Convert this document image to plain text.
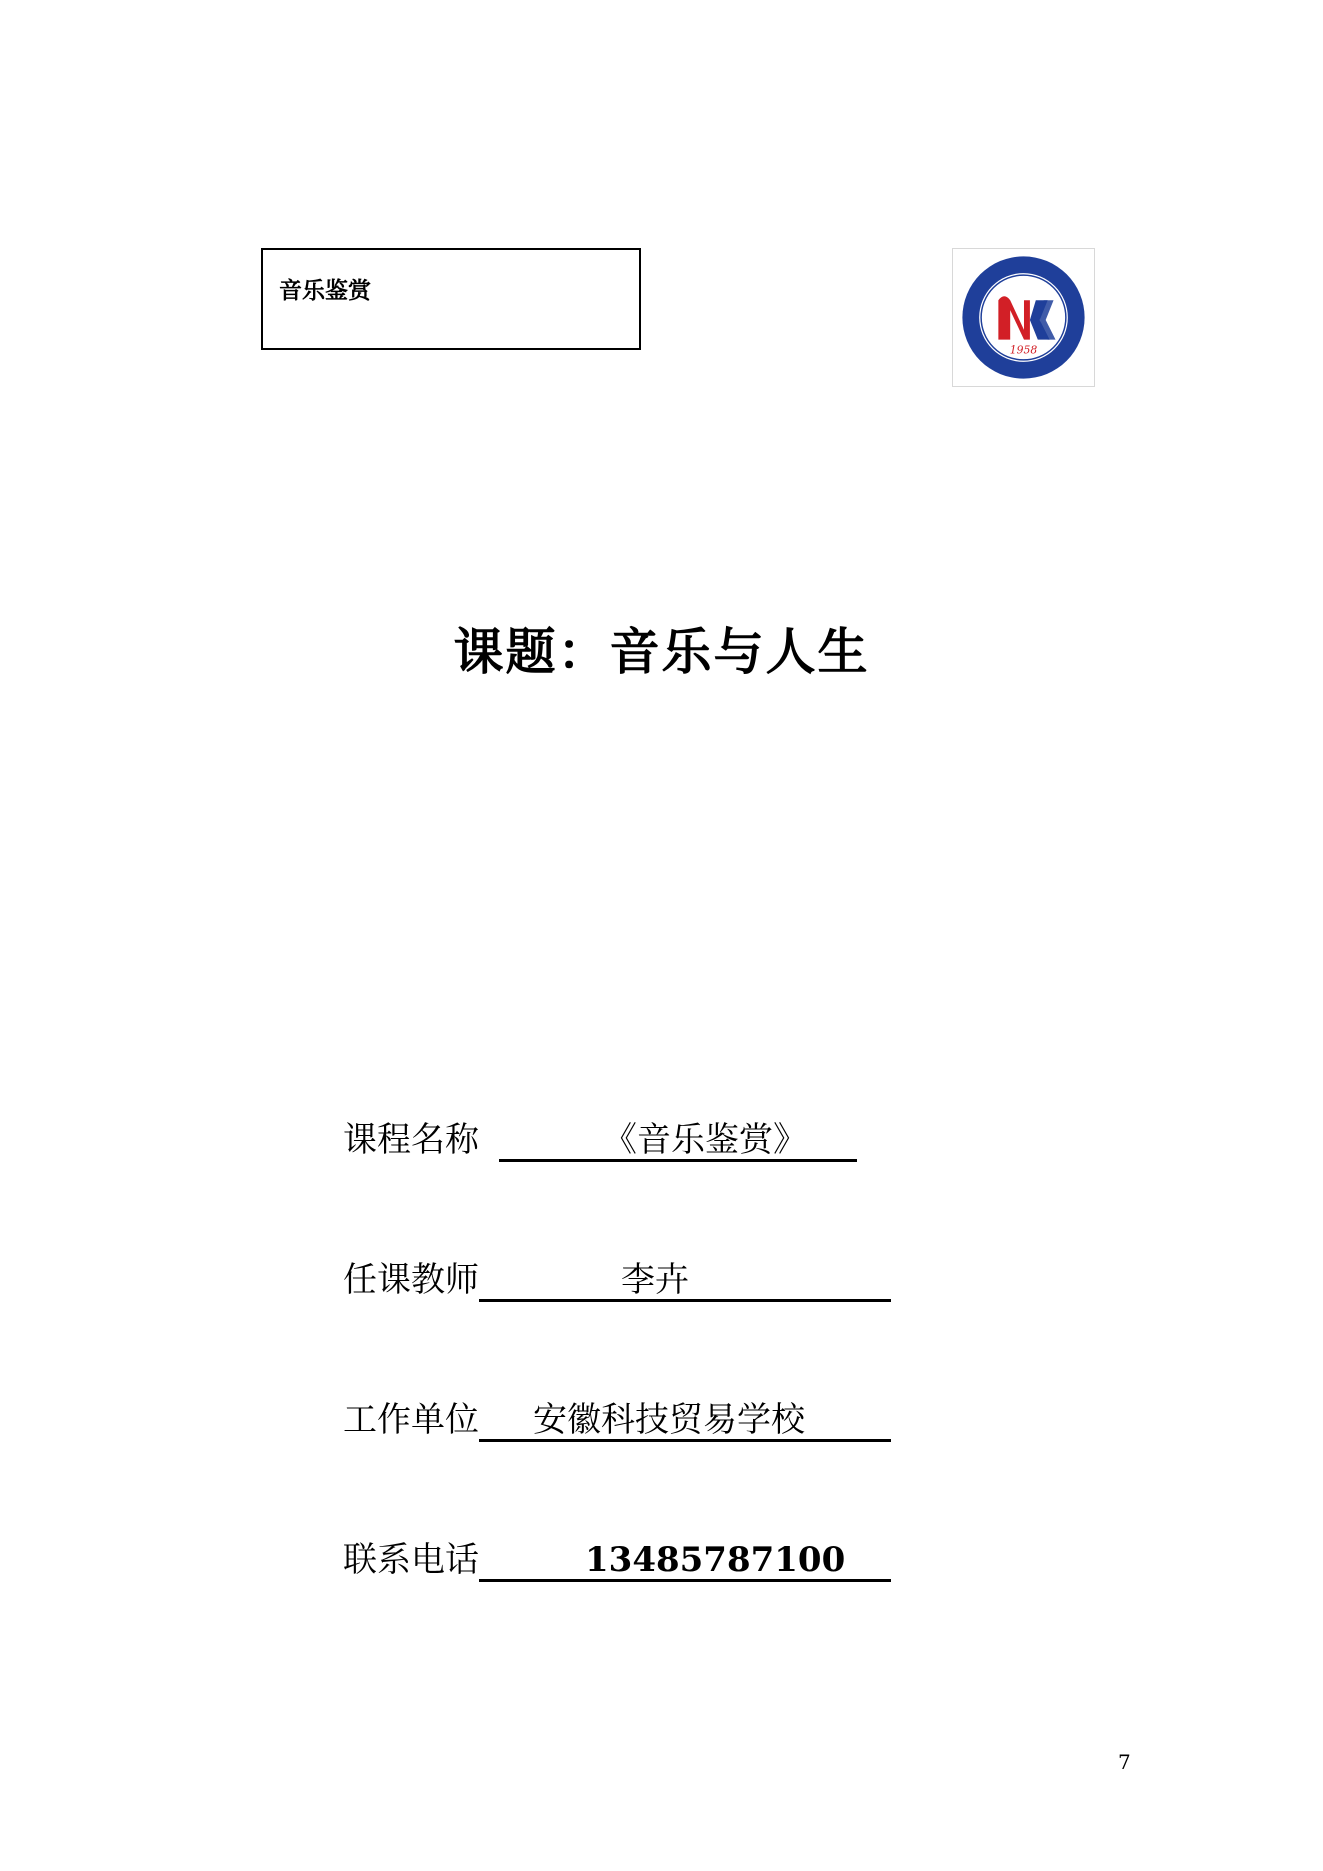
音乐鉴赏
1958
课题：音乐与人生
课程名称	《音乐鉴赏》
任课教师	李卉
工作单位	安徽科技贸易学校
联系电话	13485787100
7
